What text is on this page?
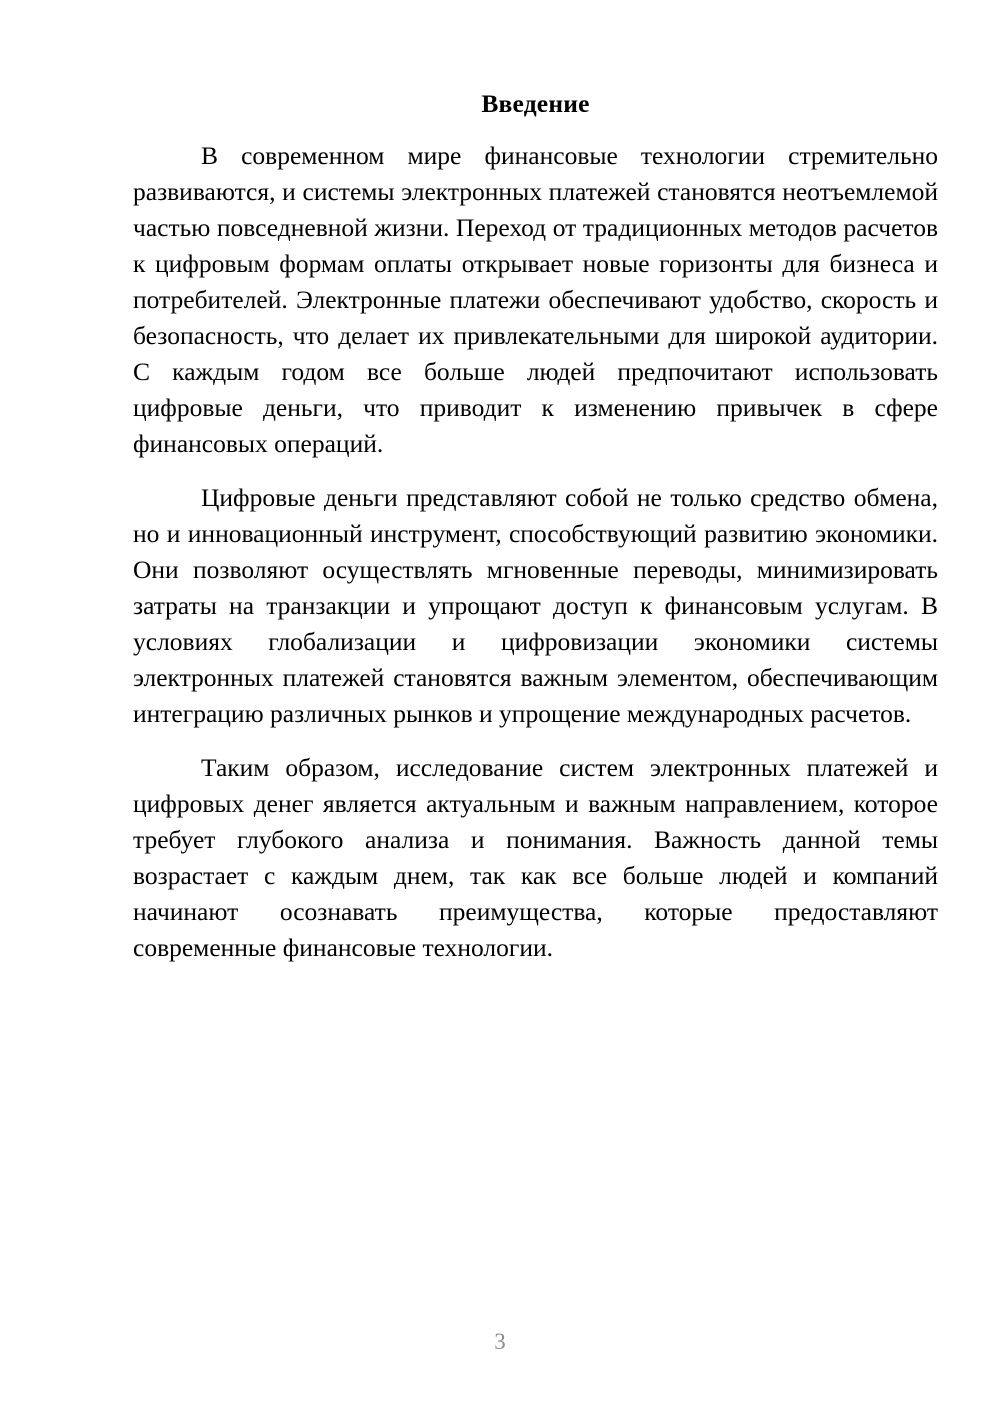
Введение

В современном мире финансовые технологии стремительно развиваются, и системы электронных платежей становятся неотъемлемой частью повседневной жизни. Переход от традиционных методов расчетов к цифровым формам оплаты открывает новые горизонты для бизнеса и потребителей. Электронные платежи обеспечивают удобство, скорость и безопасность, что делает их привлекательными для широкой аудитории. С каждым годом все больше людей предпочитают использовать цифровые деньги, что приводит к изменению привычек в сфере финансовых операций.

Цифровые деньги представляют собой не только средство обмена, но и инновационный инструмент, способствующий развитию экономики. Они позволяют осуществлять мгновенные переводы, минимизировать затраты на транзакции и упрощают доступ к финансовым услугам. В условиях глобализации и цифровизации экономики системы электронных платежей становятся важным элементом, обеспечивающим интеграцию различных рынков и упрощение международных расчетов.

Таким образом, исследование систем электронных платежей и цифровых денег является актуальным и важным направлением, которое требует глубокого анализа и понимания. Важность данной темы возрастает с каждым днем, так как все больше людей и компаний начинают осознавать преимущества, которые предоставляют современные финансовые технологии.

3
